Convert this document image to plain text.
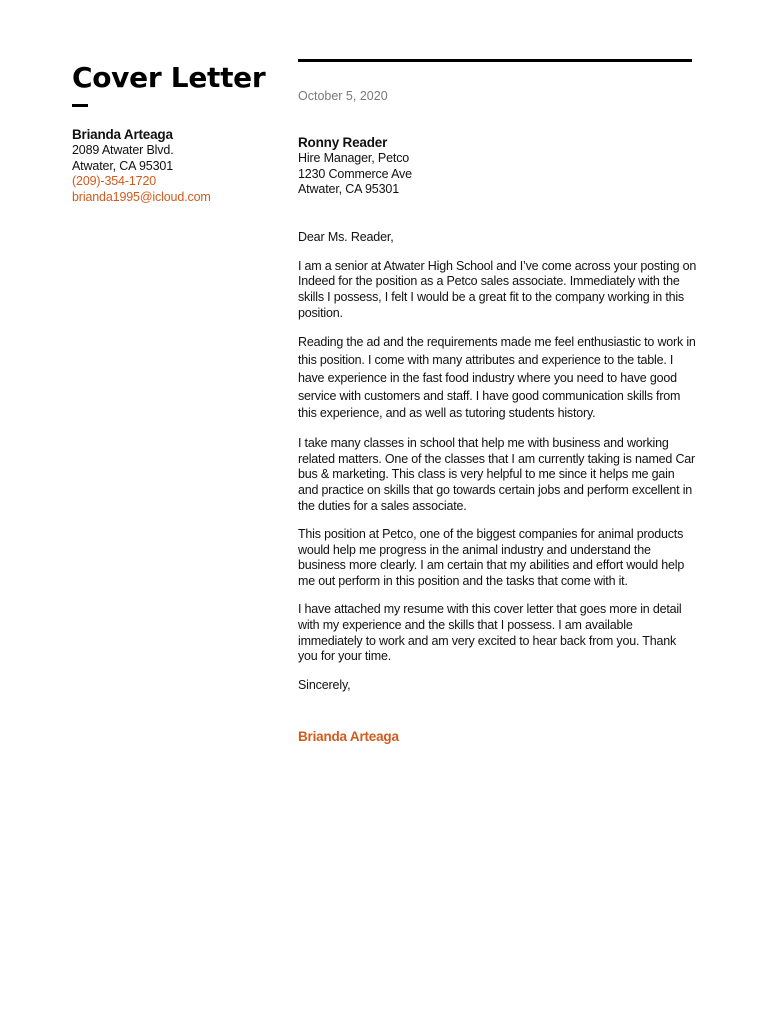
Cover Letter
Brianda Arteaga
2089 Atwater Blvd.
Atwater, CA 95301
(209)-354-1720
brianda1995@icloud.com
October 5, 2020
Ronny Reader
Hire Manager, Petco
1230 Commerce Ave
Atwater, CA 95301
Dear Ms. Reader,

I am a senior at Atwater High School and I’ve come across your posting on Indeed for the position as a Petco sales associate. Immediately with the skills I possess, I felt I would be a great fit to the company working in this position.

Reading the ad and the requirements made me feel enthusiastic to work in this position. I come with many attributes and experience to the table. I have experience in the fast food industry where you need to have good service with customers and staff. I have good communication skills from this experience, and as well as tutoring students history.

I take many classes in school that help me with business and working related matters. One of the classes that I am currently taking is named Car bus & marketing. This class is very helpful to me since it helps me gain and practice on skills that go towards certain jobs and perform excellent in the duties for a sales associate.

This position at Petco, one of the biggest companies for animal products would help me progress in the animal industry and understand the business more clearly. I am certain that my abilities and effort would help me out perform in this position and the tasks that come with it.

I have attached my resume with this cover letter that goes more in detail with my experience and the skills that I possess. I am available immediately to work and am very excited to hear back from you. Thank you for your time.

Sincerely,
Brianda Arteaga
